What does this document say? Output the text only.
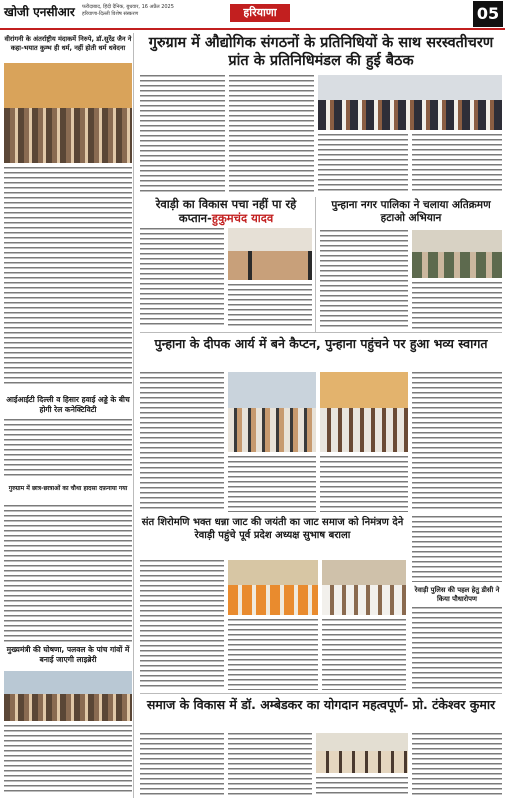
खोजी एनसीआर फरीदाबाद, हिंदी दैनिक, बुधवार, 16 अप्रैल 2025
हरियाणा-दिल्ली विशेष संस्करण	हरियाणा	05
वीरांगनी के अंतर्राष्ट्रीय मंदाकमें निरुपे, डॉ.सुरेंद्र जैन ने कहा-भयात कुम्भ ही धर्म, नहीं होती धर्म धवेदना
आईआईटी दिल्ली व हिसार हवाई अड्डे के बीच होगी रेल कनेक्टिविटी
गुरुग्राम में छात्र-छात्राओं का चौथा हादसा दफ़नाया गया
मुख्यमंत्री की घोषणा, पलवल के पांच गांवों में बनाई जाएगी लाइब्रेरी
गुरुग्राम में औद्योगिक संगठनों के प्रतिनिधियों के साथ सरस्वतीचरण प्रांत के प्रतिनिधिमंडल की हुई बैठक
रेवाड़ी का विकास पचा नहीं पा रहे कप्तान-हुकुमचंद यादव
पुन्हाना नगर पालिका ने चलाया अतिक्रमण हटाओ अभियान
पुन्हाना के दीपक आर्य में बने कैप्टन, पुन्हाना पहुंचने पर हुआ भव्य स्वागत
संत शिरोमणि भक्त धन्ना जाट की जयंती का जाट समाज को निमंत्रण देने रेवाड़ी पहुंचे पूर्व प्रदेश अध्यक्ष सुभाष बराला
रेवाड़ी पुलिस की पहल हेतु डीसी ने किया पौधारोपण
समाज के विकास में डॉ. अम्बेडकर का योगदान महत्वपूर्ण- प्रो. टंकेश्वर कुमार
